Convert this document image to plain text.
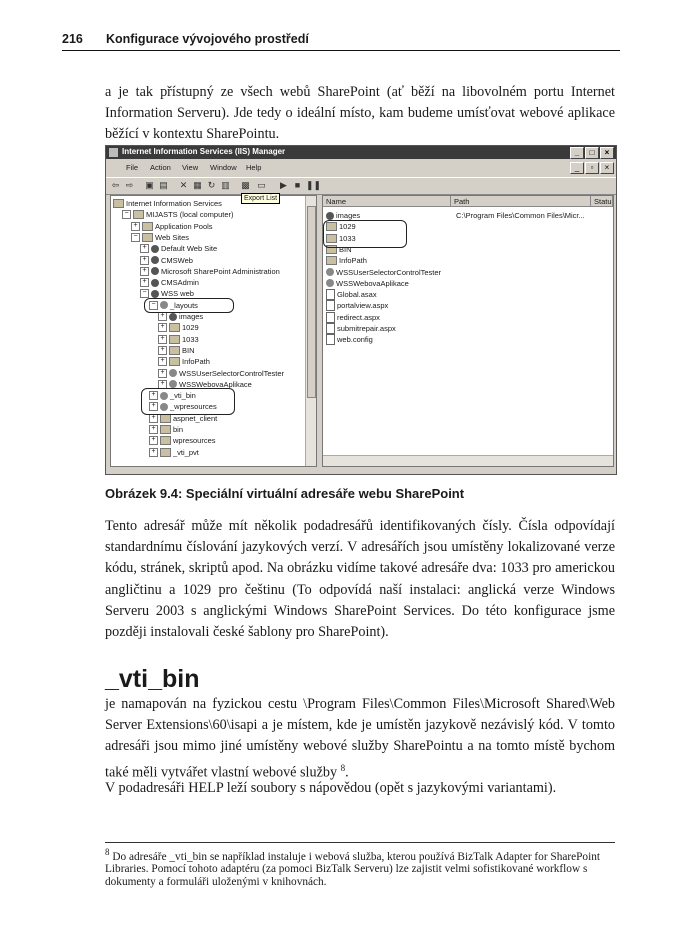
216 Konfigurace vývojového prostředí

a je tak přístupný ze všech webů SharePoint (ať běží na libovolném portu Internet Information Serveru). Jde tedy o ideální místo, kam budeme umísťovat webové aplikace běžící v kontextu SharePointu.

Internet Information Services (IIS) Manager	_	□	×
File Action View Window Help	_	▫	×
⇦ ⇨ ▣ ▤ ✕ ▦ ↻ ▥ ▩ ▭ ▶ ■ ❚❚
Export List
Internet Information Services
−	MIJASTS (local computer)
+	Application Pools
−	Web Sites
+	Default Web Site
+	CMSWeb
+	Microsoft SharePoint Administration
+	CMSAdmin
−	WSS web
−	_layouts
+	images
+	1029
+	1033
+	BIN
+	InfoPath
+	WSSUserSelectorControlTester
+	WSSWebovaAplikace
+	_vti_bin
+	_wpresources
+	aspnet_client
+	bin
+	wpresources
+	_vti_pvt
Name	Path	Statu
images	C:\Program Files\Common Files\Micr...
1029
1033
BIN
InfoPath
WSSUserSelectorControlTester
WSSWebovaAplikace
Global.asax
portalview.aspx
redirect.aspx
submitrepair.aspx
web.config
Obrázek 9.4: Speciální virtuální adresáře webu SharePoint

Tento adresář může mít několik podadresářů identifikovaných čísly. Čísla odpovídají standardnímu číslování jazykových verzí. V adresářích jsou umístěny lokalizované verze kódu, stránek, skriptů apod. Na obrázku vidíme takové adresáře dva: 1033 pro americkou angličtinu a 1029 pro češtinu (To odpovídá naší instalaci: anglická verze Windows Serveru 2003 s anglickými Windows SharePoint Services. Do této konfigurace jsme později instalovali české šablony pro SharePoint).

_vti_bin

je namapován na fyzickou cestu \Program Files\Common Files\Microsoft Shared\Web Server Extensions\60\isapi a je místem, kde je umístěn jazykově nezávislý kód. V tomto adresáři jsou mimo jiné umístěny webové služby SharePointu a na tomto místě bychom také měli vytvářet vlastní webové služby $^8$.

V podadresáři HELP leží soubory s nápovědou (opět s jazykovými variantami).

$^8$ Do adresáře _vti_bin se například instaluje i webová služba, kterou používá BizTalk Adapter for SharePoint Libraries. Pomocí tohoto adaptéru (za pomoci BizTalk Serveru) lze zajistit velmi sofistikované workflow s dokumenty a formuláři uloženými v knihovnách.
